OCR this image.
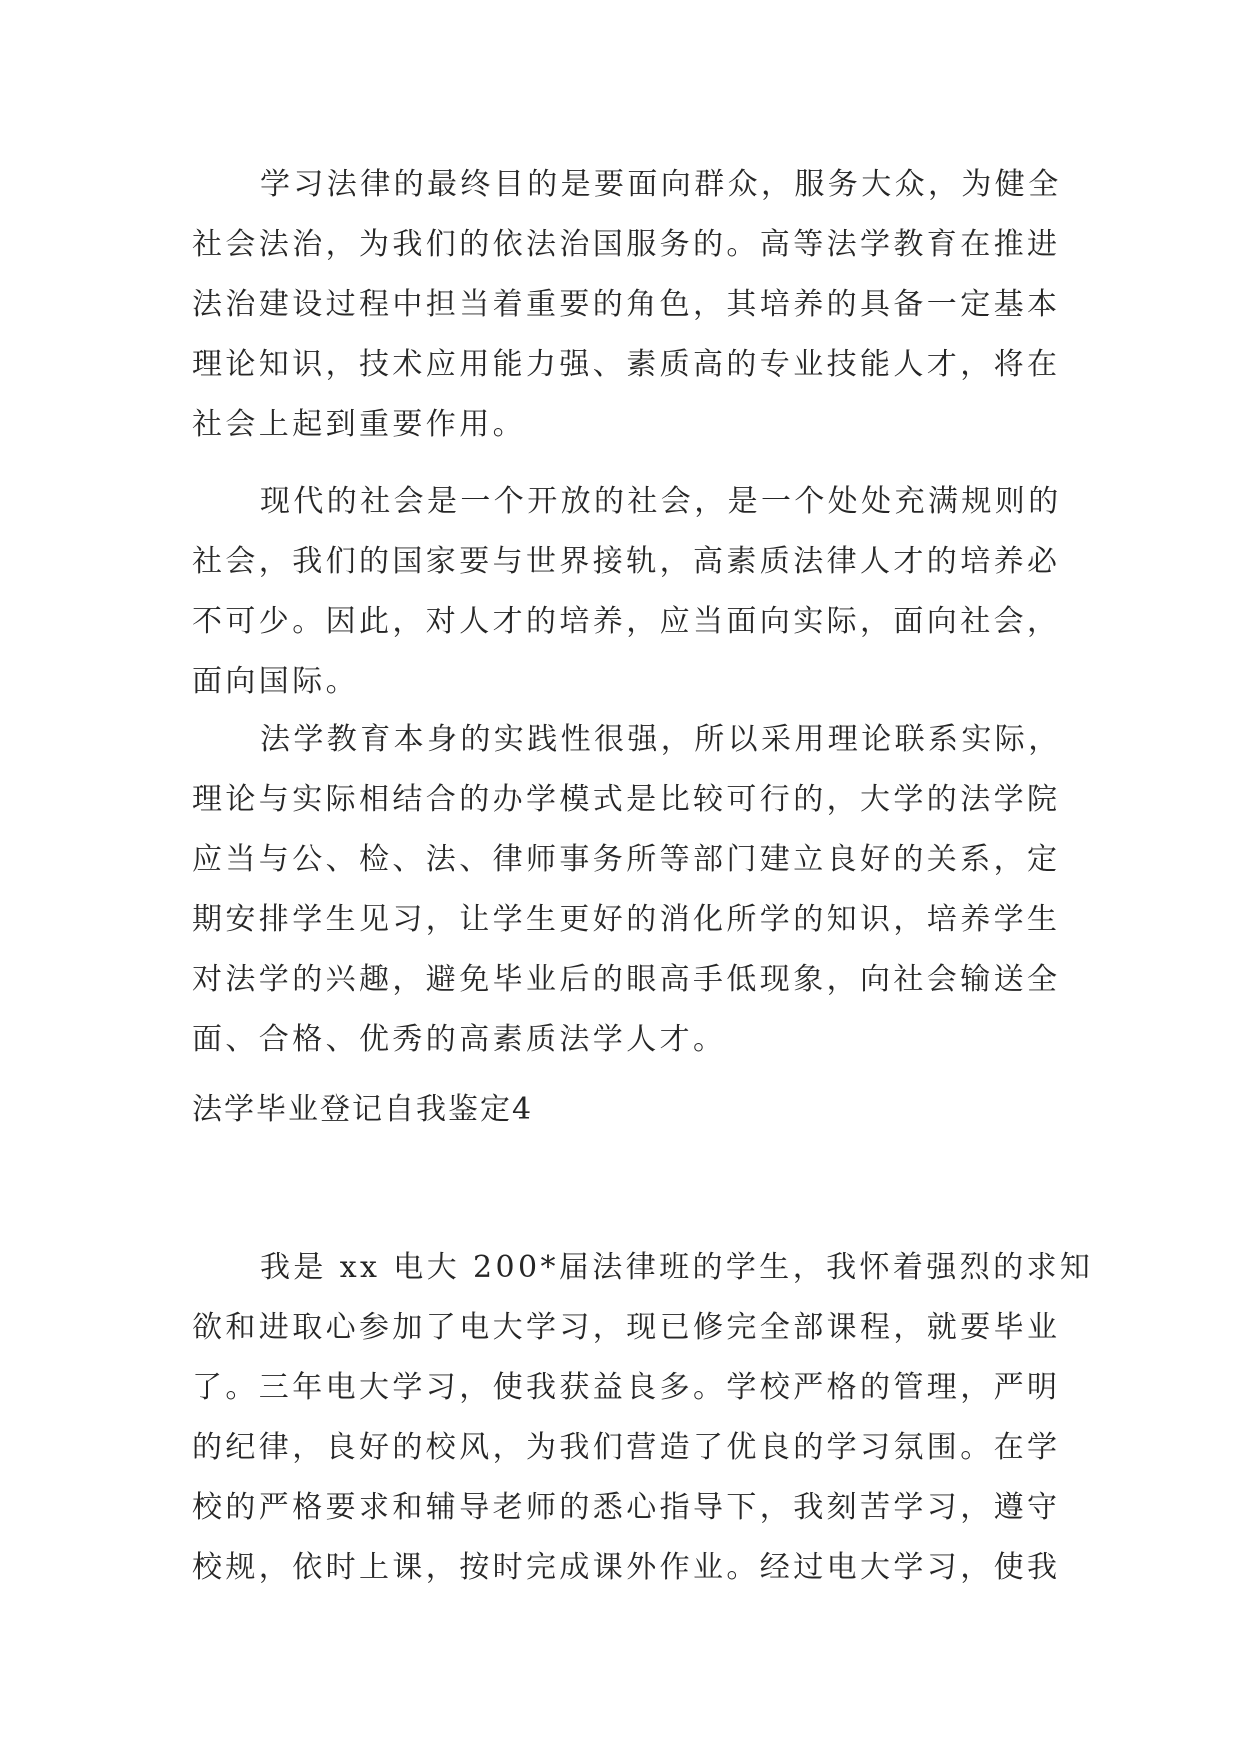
学习法律的最终目的是要面向群众，服务大众，为健全
社会法治，为我们的依法治国服务的。高等法学教育在推进
法治建设过程中担当着重要的角色，其培养的具备一定基本
理论知识，技术应用能力强、素质高的专业技能人才，将在
社会上起到重要作用。
现代的社会是一个开放的社会，是一个处处充满规则的
社会，我们的国家要与世界接轨，高素质法律人才的培养必
不可少。因此，对人才的培养，应当面向实际，面向社会，
面向国际。
法学教育本身的实践性很强，所以采用理论联系实际，
理论与实际相结合的办学模式是比较可行的，大学的法学院
应当与公、检、法、律师事务所等部门建立良好的关系，定
期安排学生见习，让学生更好的消化所学的知识，培养学生
对法学的兴趣，避免毕业后的眼高手低现象，向社会输送全
面、合格、优秀的高素质法学人才。
法学毕业登记自我鉴定4
我是 xx 电大 200*届法律班的学生，我怀着强烈的求知
欲和进取心参加了电大学习，现已修完全部课程，就要毕业
了。三年电大学习，使我获益良多。学校严格的管理，严明
的纪律，良好的校风，为我们营造了优良的学习氛围。在学
校的严格要求和辅导老师的悉心指导下，我刻苦学习，遵守
校规，依时上课，按时完成课外作业。经过电大学习，使我
